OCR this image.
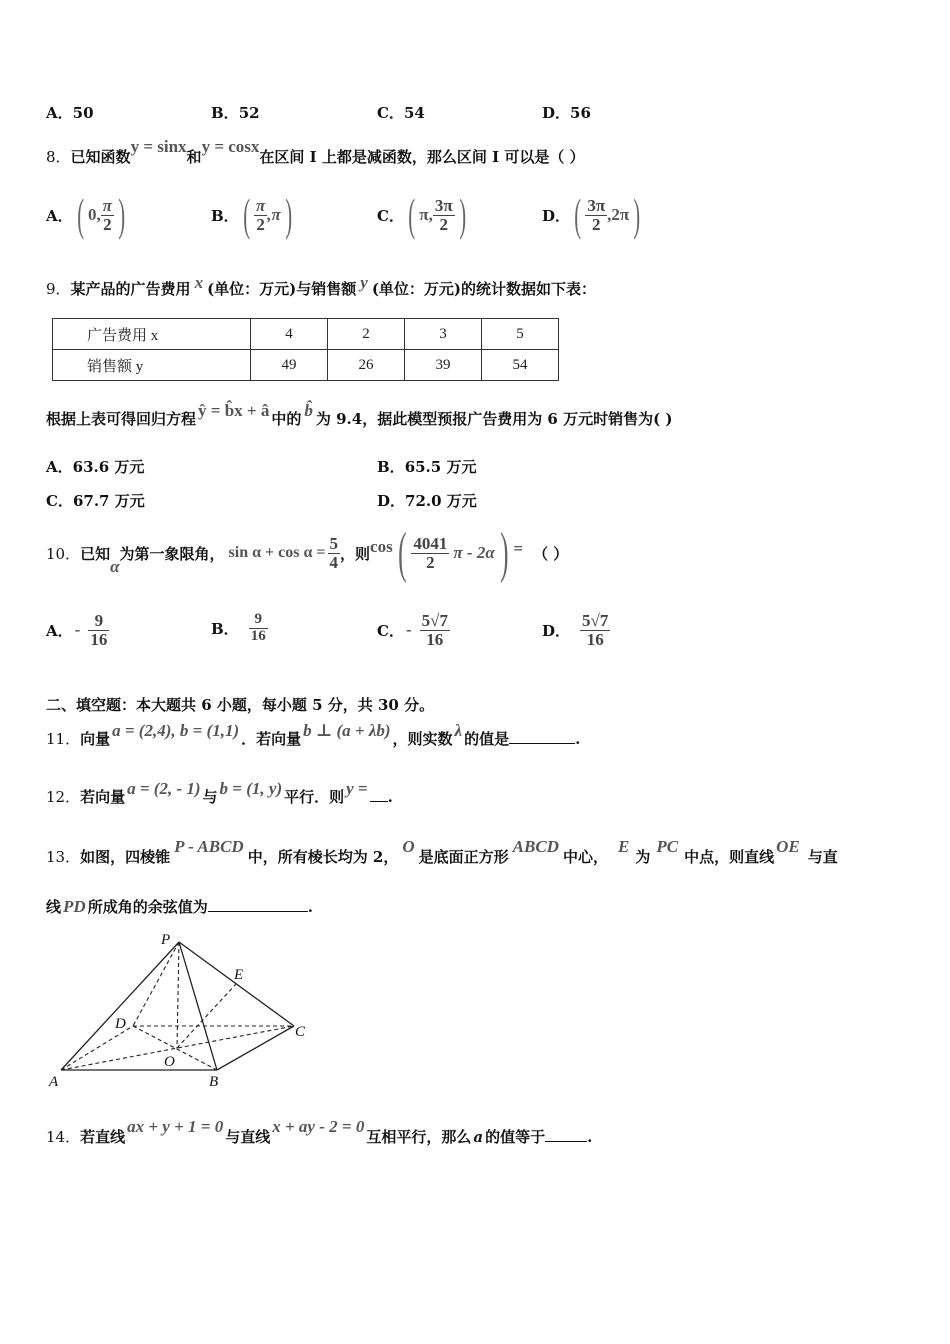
A．50	B．52	C．54	D．56
8．已知函数y = sinx和y = cosx在区间 I 上都是减函数，那么区间 I 可以是（ ）
A． ( 0, $\frac{\pi}{2}$ )	B． ( $\frac{\pi}{2} ,\pi$ )	C． ( π, $\frac{3\pi}{2}$ )	D． ( $\frac{3\pi}{2} ,2\pi$ )
9．某产品的广告费用 x (单位：万元)与销售额 y (单位：万元)的统计数据如下表：
广告费用 x	4	2	3	5
销售额 y	49	26	39	54
根据上表可得回归方程 ŷ = b̂x + â 中的 b̂ 为 9.4，据此模型预报广告费用为 6 万元时销售为( )
A．63.6 万元	B．65.5 万元
C．67.7 万元	D．72.0 万元
10． 已知
α
为第一象限角， $\sin \alpha + \cos \alpha = \frac{5}{4}$ ，则 cos ( $\frac{4041}{2}$ π - 2α ) = （ ）
A． - $\frac{9}{16}$	B． $\frac{9}{16}$	C． - $\frac{5√7}{16}$	D． $\frac{5√7}{16}$
二、填空题：本大题共 6 小题，每小题 5 分，共 30 分。
11．向量 a = (2,4), b = (1,1) ．若向量 b ⊥ (a + λb) ，则实数 λ 的值是	.
12．若向量 a = (2, - 1) 与 b = (1, y) 平行．则 y = .
13．如图，四棱锥P - ABCD中，所有棱长均为 2，O是底面正方形ABCD中心，E为PC中点，则直线OE与直
线 PD 所成角的余弦值为	.
P
E
D	C
O
A	B
14．若直线ax + y + 1 = 0与直线x + ay - 2 = 0互相平行，那么 a 的值等于	.
